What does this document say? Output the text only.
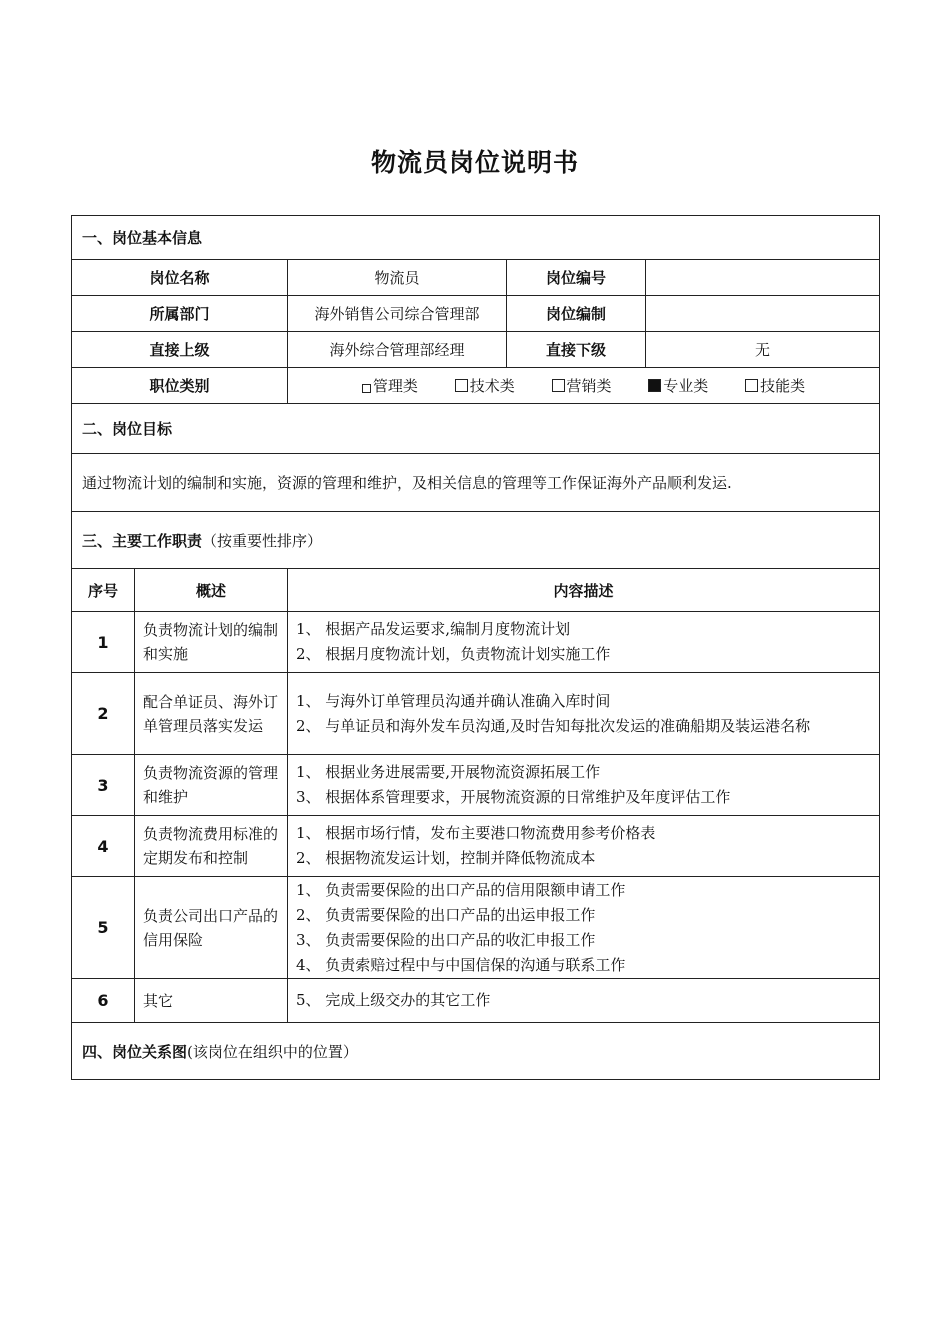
物流员岗位说明书
一、岗位基本信息				
岗位名称		物流员	岗位编号	
所属部门		海外销售公司综合管理部	岗位编制	
直接上级		海外综合管理部经理	直接下级	无
职位类别		管理类 技术类 营销类 专业类 技能类		
二、岗位目标				
通过物流计划的编制和实施，资源的管理和维护，及相关信息的管理等工作保证海外产品顺利发运.				
三、主要工作职责（按重要性排序）				
序号	概述	内容描述		
1	负责物流计划的编制和实施	1、 根据产品发运要求,编制月度物流计划
2、 根据月度物流计划，负责物流计划实施工作		

2	配合单证员、海外订单管理员落实发运	1、 与海外订单管理员沟通并确认准确入库时间
2、 与单证员和海外发车员沟通,及时告知每批次发运的准确船期及装运港名称		

3	负责物流资源的管理和维护	1、 根据业务进展需要,开展物流资源拓展工作
3、 根据体系管理要求，开展物流资源的日常维护及年度评估工作		

4	负责物流费用标准的定期发布和控制	1、 根据市场行情，发布主要港口物流费用参考价格表
2、 根据物流发运计划，控制并降低物流成本		

5	负责公司出口产品的信用保险	1、 负责需要保险的出口产品的信用限额申请工作
2、 负责需要保险的出口产品的出运申报工作
3、 负责需要保险的出口产品的收汇申报工作
4、 负责索赔过程中与中国信保的沟通与联系工作		

6	其它	5、 完成上级交办的其它工作		

四、岗位关系图(该岗位在组织中的位置）				
